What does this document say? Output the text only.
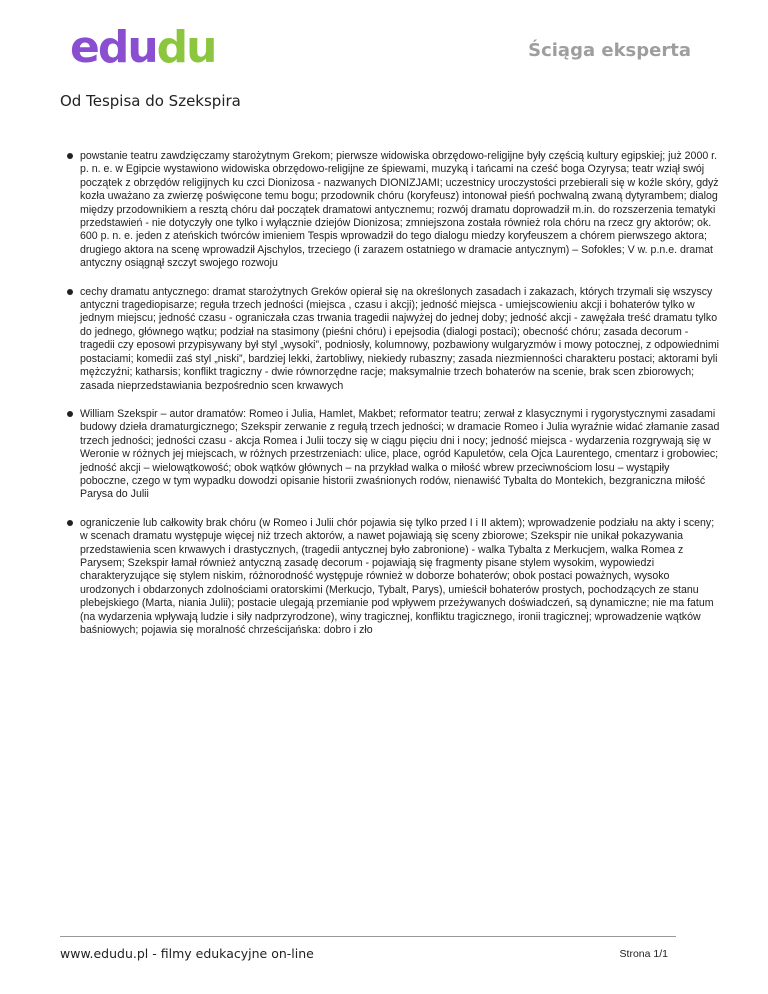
edu du	Ściąga eksperta
Od Tespisa do Szekspira
powstanie teatru zawdzięczamy starożytnym Grekom; pierwsze widowiska obrzędowo-religijne były częścią kultury egipskiej; już 2000 r. p. n. e. w Egipcie wystawiono widowiska obrzędowo-religijne ze śpiewami, muzyką i tańcami na cześć boga Ozyrysa; teatr wziął swój początek z obrzędów religijnych ku czci Dionizosa - nazwanych DIONIZJAMI; uczestnicy uroczystości przebierali się w koźle skóry, gdyż kozła uważano za zwierzę poświęcone temu bogu; przodownik chóru (koryfeusz) intonował pieśń pochwalną zwaną dytyrambem; dialog między przodownikiem a resztą chóru dał początek dramatowi antycznemu; rozwój dramatu doprowadził m.in. do rozszerzenia tematyki przedstawień - nie dotyczyły one tylko i wyłącznie dziejów Dionizosa; zmniejszona została również rola chóru na rzecz gry aktorów; ok. 600 p. n. e. jeden z ateńskich twórców imieniem Tespis wprowadził do tego dialogu miedzy koryfeuszem a chórem pierwszego aktora; drugiego aktora na scenę wprowadził Ajschylos, trzeciego (i zarazem ostatniego w dramacie antycznym) – Sofokles; V w. p.n.e. dramat antyczny osiągnął szczyt swojego rozwoju
cechy dramatu antycznego: dramat starożytnych Greków opierał się na określonych zasadach i zakazach, których trzymali się wszyscy antyczni tragediopisarze; reguła trzech jedności (miejsca , czasu i akcji); jedność miejsca - umiejscowieniu akcji i bohaterów tylko w jednym miejscu; jedność czasu - ograniczała czas trwania tragedii najwyżej do jednej doby; jedność akcji - zawężała treść dramatu tylko do jednego, głównego wątku; podział na stasimony (pieśni chóru) i epejsodia (dialogi postaci); obecność chóru; zasada decorum - tragedii czy eposowi przypisywany był styl „wysoki”, podniosły, kolumnowy, pozbawiony wulgaryzmów i mowy potocznej, z odpowiednimi postaciami; komedii zaś styl „niski”, bardziej lekki, żartobliwy, niekiedy rubaszny; zasada niezmienności charakteru postaci; aktorami byli mężczyźni; katharsis; konflikt tragiczny - dwie równorzędne racje; maksymalnie trzech bohaterów na scenie, brak scen zbiorowych; zasada nieprzedstawiania bezpośrednio scen krwawych
William Szekspir – autor dramatów: Romeo i Julia, Hamlet, Makbet; reformator teatru; zerwał z klasycznymi i rygorystycznymi zasadami budowy dzieła dramaturgicznego; Szekspir zerwanie z regułą trzech jedności; w dramacie Romeo i Julia wyraźnie widać złamanie zasad trzech jedności; jedności czasu - akcja Romea i Julii toczy się w ciągu pięciu dni i nocy; jedność miejsca - wydarzenia rozgrywają się w Weronie w różnych jej miejscach, w różnych przestrzeniach: ulice, place, ogród Kapuletów, cela Ojca Laurentego, cmentarz i grobowiec; jedność akcji – wielowątkowość; obok wątków głównych – na przykład walka o miłość wbrew przeciwnościom losu – wystąpiły poboczne, czego w tym wypadku dowodzi opisanie historii zwaśnionych rodów, nienawiść Tybalta do Montekich, bezgraniczna miłość Parysa do Julii
ograniczenie lub całkowity brak chóru (w Romeo i Julii chór pojawia się tylko przed I i II aktem); wprowadzenie podziału na akty i sceny; w scenach dramatu występuje więcej niż trzech aktorów, a nawet pojawiają się sceny zbiorowe; Szekspir nie unikał pokazywania przedstawienia scen krwawych i drastycznych, (tragedii antycznej było zabronione) - walka Tybalta z Merkucjem, walka Romea z Parysem; Szekspir łamał również antyczną zasadę decorum - pojawiają się fragmenty pisane stylem wysokim, wypowiedzi charakteryzujące się stylem niskim, różnorodność występuje również w doborze bohaterów; obok postaci poważnych, wysoko urodzonych i obdarzonych zdolnościami oratorskimi (Merkucjo, Tybalt, Parys), umieścił bohaterów prostych, pochodzących ze stanu plebejskiego (Marta, niania Julii); postacie ulegają przemianie pod wpływem przeżywanych doświadczeń, są dynamiczne; nie ma fatum (na wydarzenia wpływają ludzie i siły nadprzyrodzone), winy tragicznej, konfliktu tragicznego, ironii tragicznej; wprowadzenie wątków baśniowych; pojawia się moralność chrześcijańska: dobro i zło
www.edudu.pl - filmy edukacyjne on-line	Strona 1/1
